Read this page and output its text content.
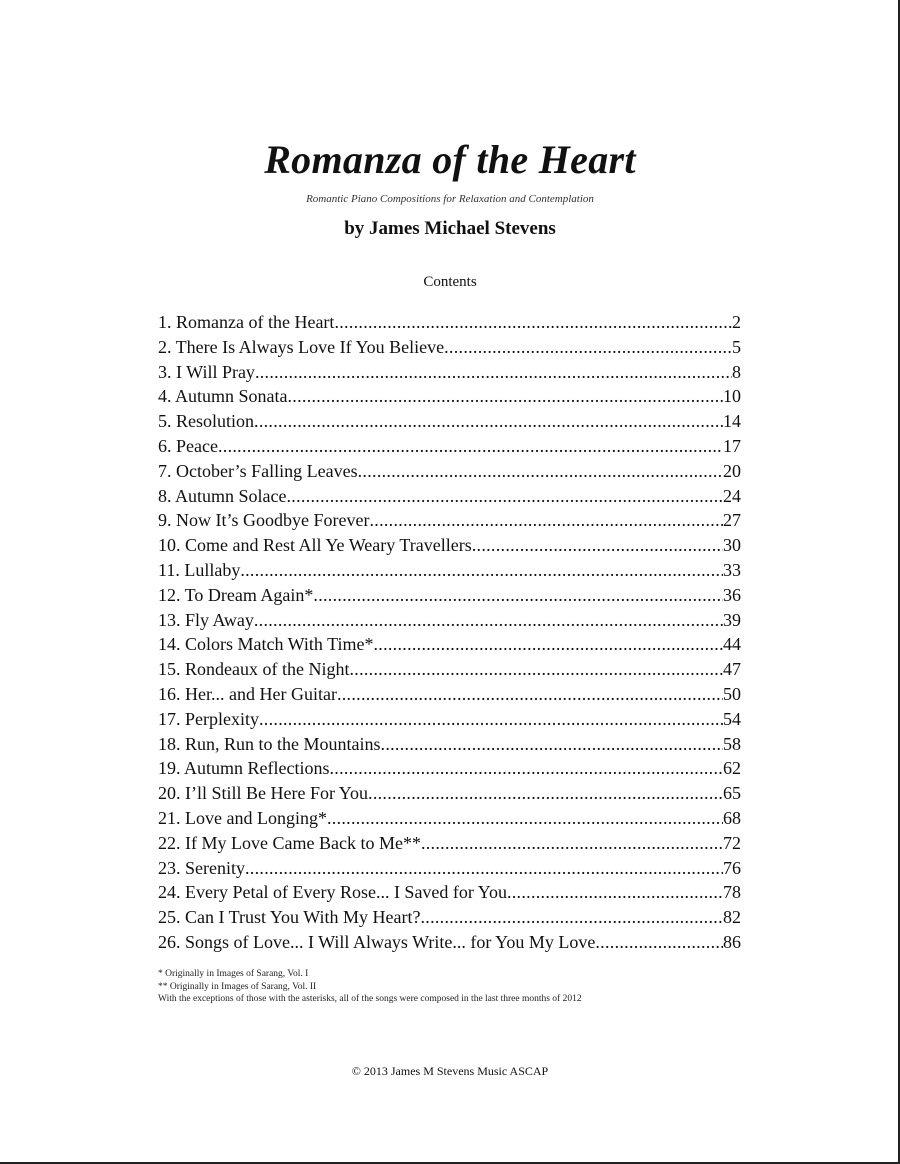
Romanza of the Heart
Romantic Piano Compositions for Relaxation and Contemplation
by James Michael Stevens
Contents
1. Romanza of the Heart .....	2
2. There Is Always Love If You Believe .....	5
3. I Will Pray .....	8
4. Autumn Sonata .....	10
5. Resolution .....	14
6. Peace .....	17
7. October’s Falling Leaves .....	20
8. Autumn Solace .....	24
9. Now It’s Goodbye Forever .....	27
10. Come and Rest All Ye Weary Travellers .....	30
11. Lullaby .....	33
12. To Dream Again* .....	36
13. Fly Away .....	39
14. Colors Match With Time* .....	44
15. Rondeaux of the Night .....	47
16. Her... and Her Guitar .....	50
17. Perplexity .....	54
18. Run, Run to the Mountains .....	58
19. Autumn Reflections .....	62
20. I’ll Still Be Here For You .....	65
21. Love and Longing* .....	68
22. If My Love Came Back to Me** .....	72
23. Serenity .....	76
24. Every Petal of Every Rose... I Saved for You .....	78
25. Can I Trust You With My Heart? .....	82
26. Songs of Love... I Will Always Write... for You My Love .....	86
* Originally in Images of Sarang, Vol. I
** Originally in Images of Sarang, Vol. II
With the exceptions of those with the asterisks, all of the songs were composed in the last three months of 2012
© 2013 James M Stevens Music ASCAP
